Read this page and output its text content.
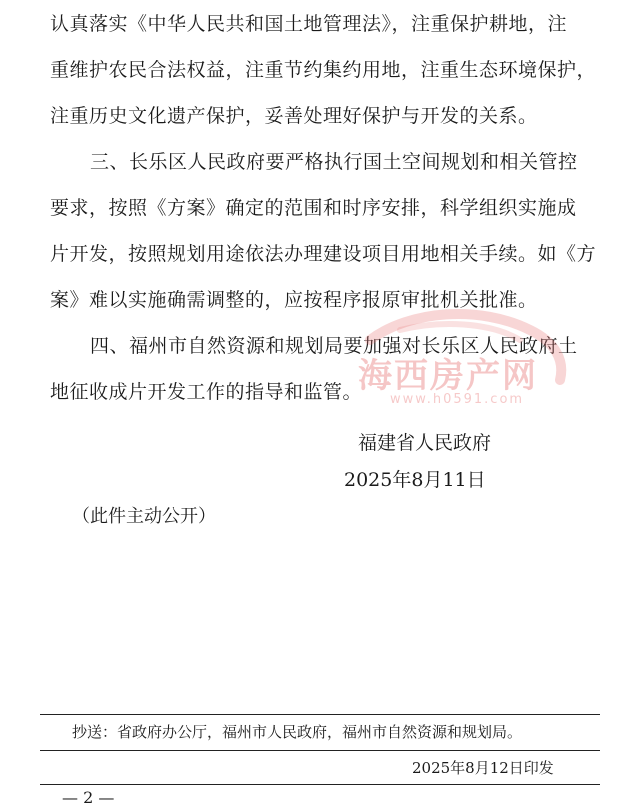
认真落实《中华人民共和国土地管理法》，注重保护耕地，注
重维护农民合法权益，注重节约集约用地，注重生态环境保护，
注重历史文化遗产保护，妥善处理好保护与开发的关系。
三、长乐区人民政府要严格执行国土空间规划和相关管控
要求，按照《方案》确定的范围和时序安排，科学组织实施成
片开发，按照规划用途依法办理建设项目用地相关手续。如《方
案》难以实施确需调整的，应按程序报原审批机关批准。
四、福州市自然资源和规划局要加强对长乐区人民政府土
地征收成片开发工作的指导和监管。
海西房产网
www.h0591.com
福建省人民政府
2025年8月11日
（此件主动公开）
抄送：省政府办公厅，福州市人民政府，福州市自然资源和规划局。
2025年8月12日印发
— 2 —
